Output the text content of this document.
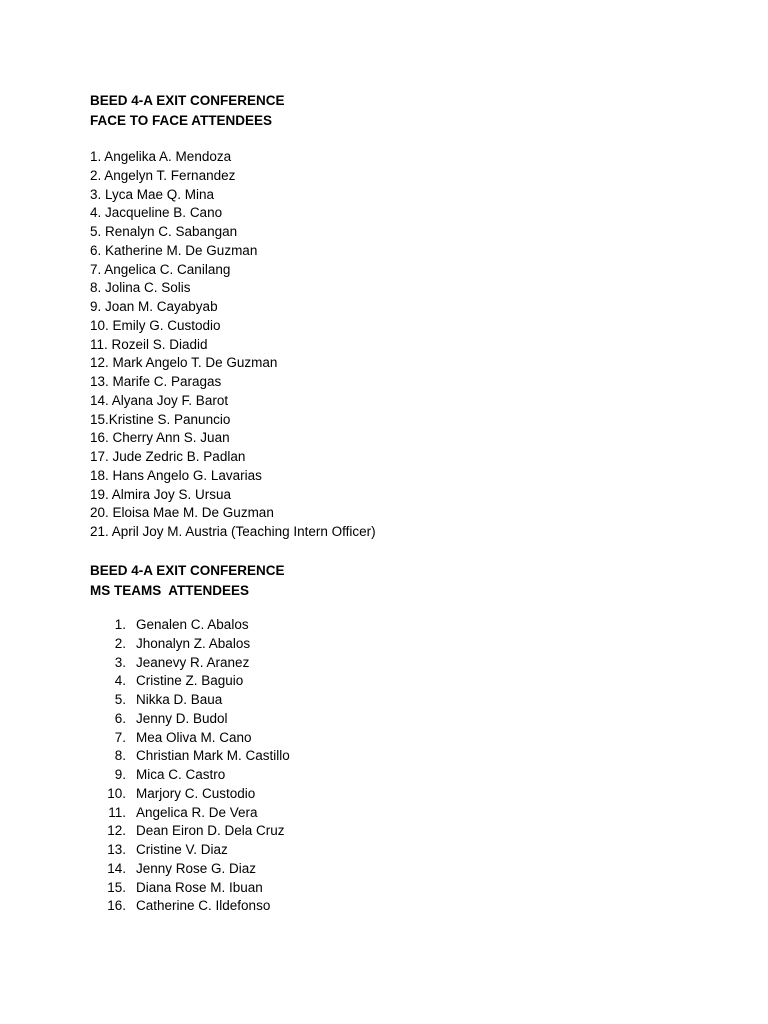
BEED 4-A EXIT CONFERENCE
FACE TO FACE ATTENDEES
1. Angelika A. Mendoza
2. Angelyn T. Fernandez
3. Lyca Mae Q. Mina
4. Jacqueline B. Cano
5. Renalyn C. Sabangan
6. Katherine M. De Guzman
7. Angelica C. Canilang
8. Jolina C. Solis
9. Joan M. Cayabyab
10. Emily G. Custodio
11. Rozeil S. Diadid
12. Mark Angelo T. De Guzman
13. Marife C. Paragas
14. Alyana Joy F. Barot
15.Kristine S. Panuncio
16. Cherry Ann S. Juan
17. Jude Zedric B. Padlan
18. Hans Angelo G. Lavarias
19. Almira Joy S. Ursua
20. Eloisa Mae M. De Guzman
21. April Joy M. Austria (Teaching Intern Officer)
BEED 4-A EXIT CONFERENCE
MS TEAMS  ATTENDEES
1. Genalen C. Abalos
2. Jhonalyn Z. Abalos
3. Jeanevy R. Aranez
4. Cristine Z. Baguio
5. Nikka D. Baua
6. Jenny D. Budol
7. Mea Oliva M. Cano
8. Christian Mark M. Castillo
9. Mica C. Castro
10. Marjory C. Custodio
11. Angelica R. De Vera
12. Dean Eiron D. Dela Cruz
13. Cristine V. Diaz
14. Jenny Rose G. Diaz
15. Diana Rose M. Ibuan
16. Catherine C. Ildefonso
